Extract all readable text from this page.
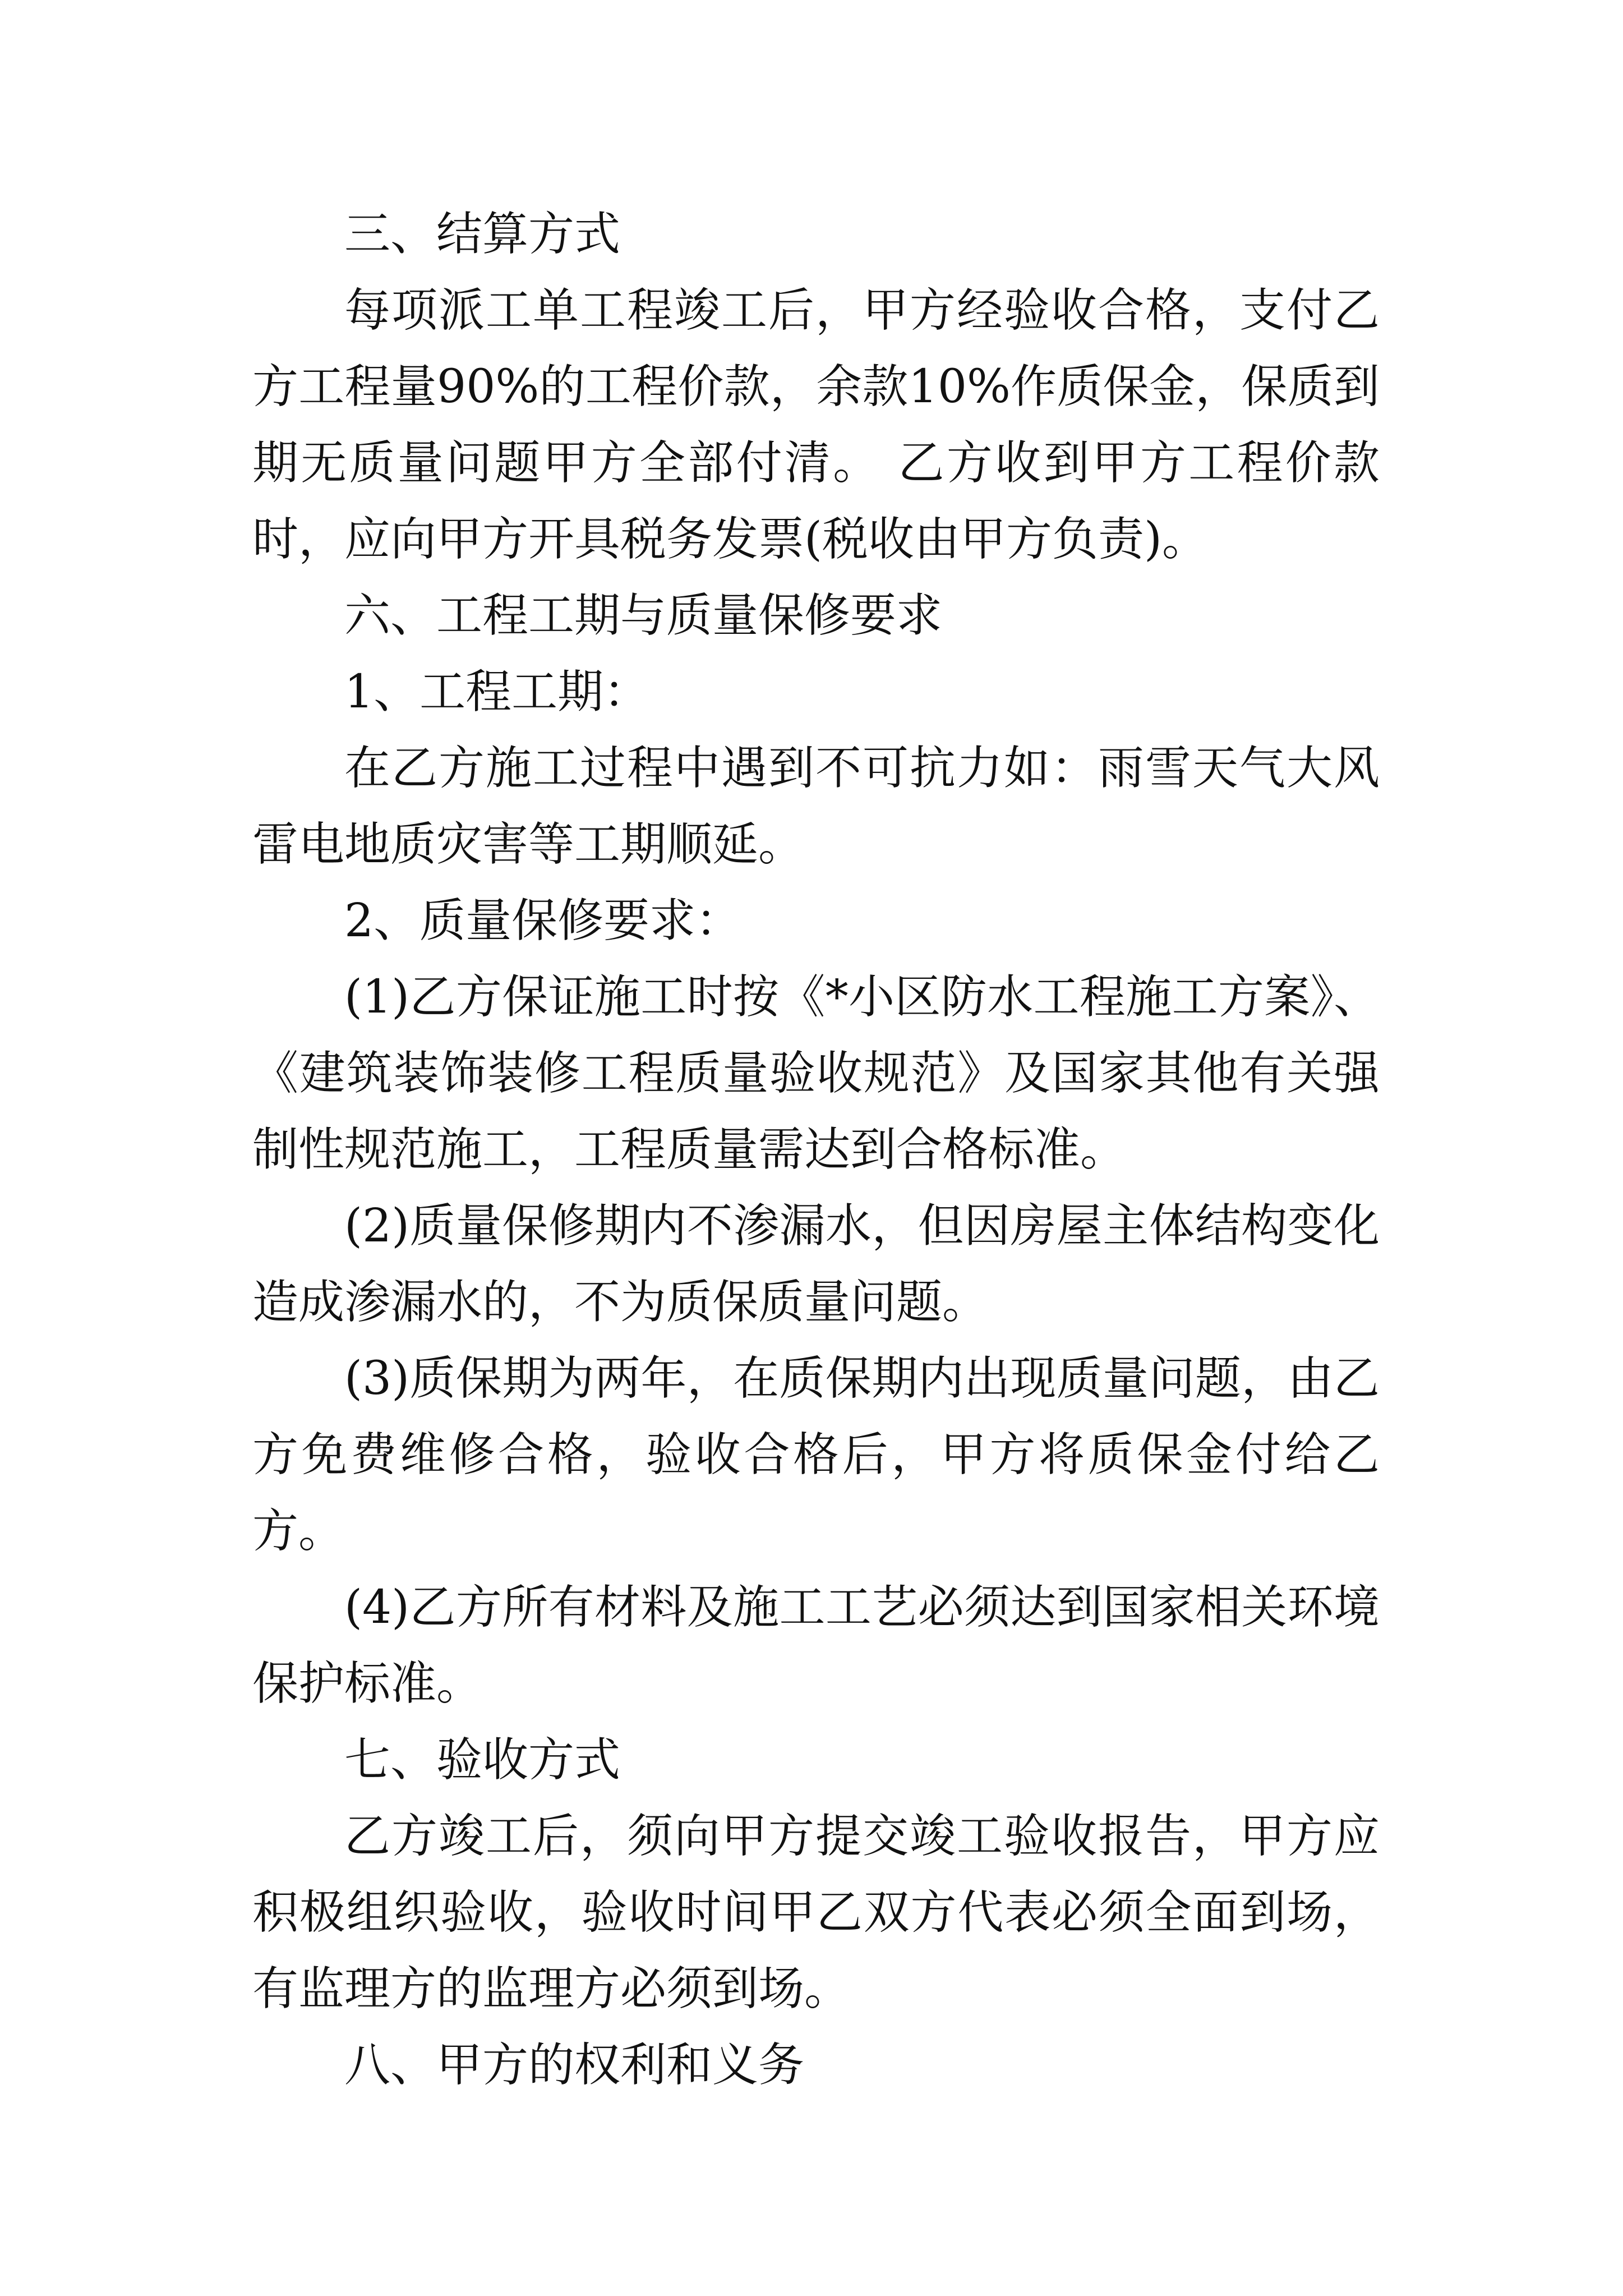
三、结算方式

每项派工单工程竣工后，甲方经验收合格，支付乙方工程量90%的工程价款，余款10%作质保金，保质到期无质量问题甲方全部付清。 乙方收到甲方工程价款时，应向甲方开具税务发票(税收由甲方负责)。

六、工程工期与质量保修要求

1、工程工期：

在乙方施工过程中遇到不可抗力如：雨雪天气大风雷电地质灾害等工期顺延。

2、质量保修要求：

(1)乙方保证施工时按《*小区防水工程施工方案》、《建筑装饰装修工程质量验收规范》及国家其他有关强制性规范施工，工程质量需达到合格标准。

(2)质量保修期内不渗漏水，但因房屋主体结构变化造成渗漏水的，不为质保质量问题。

(3)质保期为两年，在质保期内出现质量问题，由乙方免费维修合格，验收合格后，甲方将质保金付给乙方。

(4)乙方所有材料及施工工艺必须达到国家相关环境保护标准。

七、验收方式

乙方竣工后，须向甲方提交竣工验收报告，甲方应积极组织验收，验收时间甲乙双方代表必须全面到场，有监理方的监理方必须到场。

八、甲方的权利和义务
